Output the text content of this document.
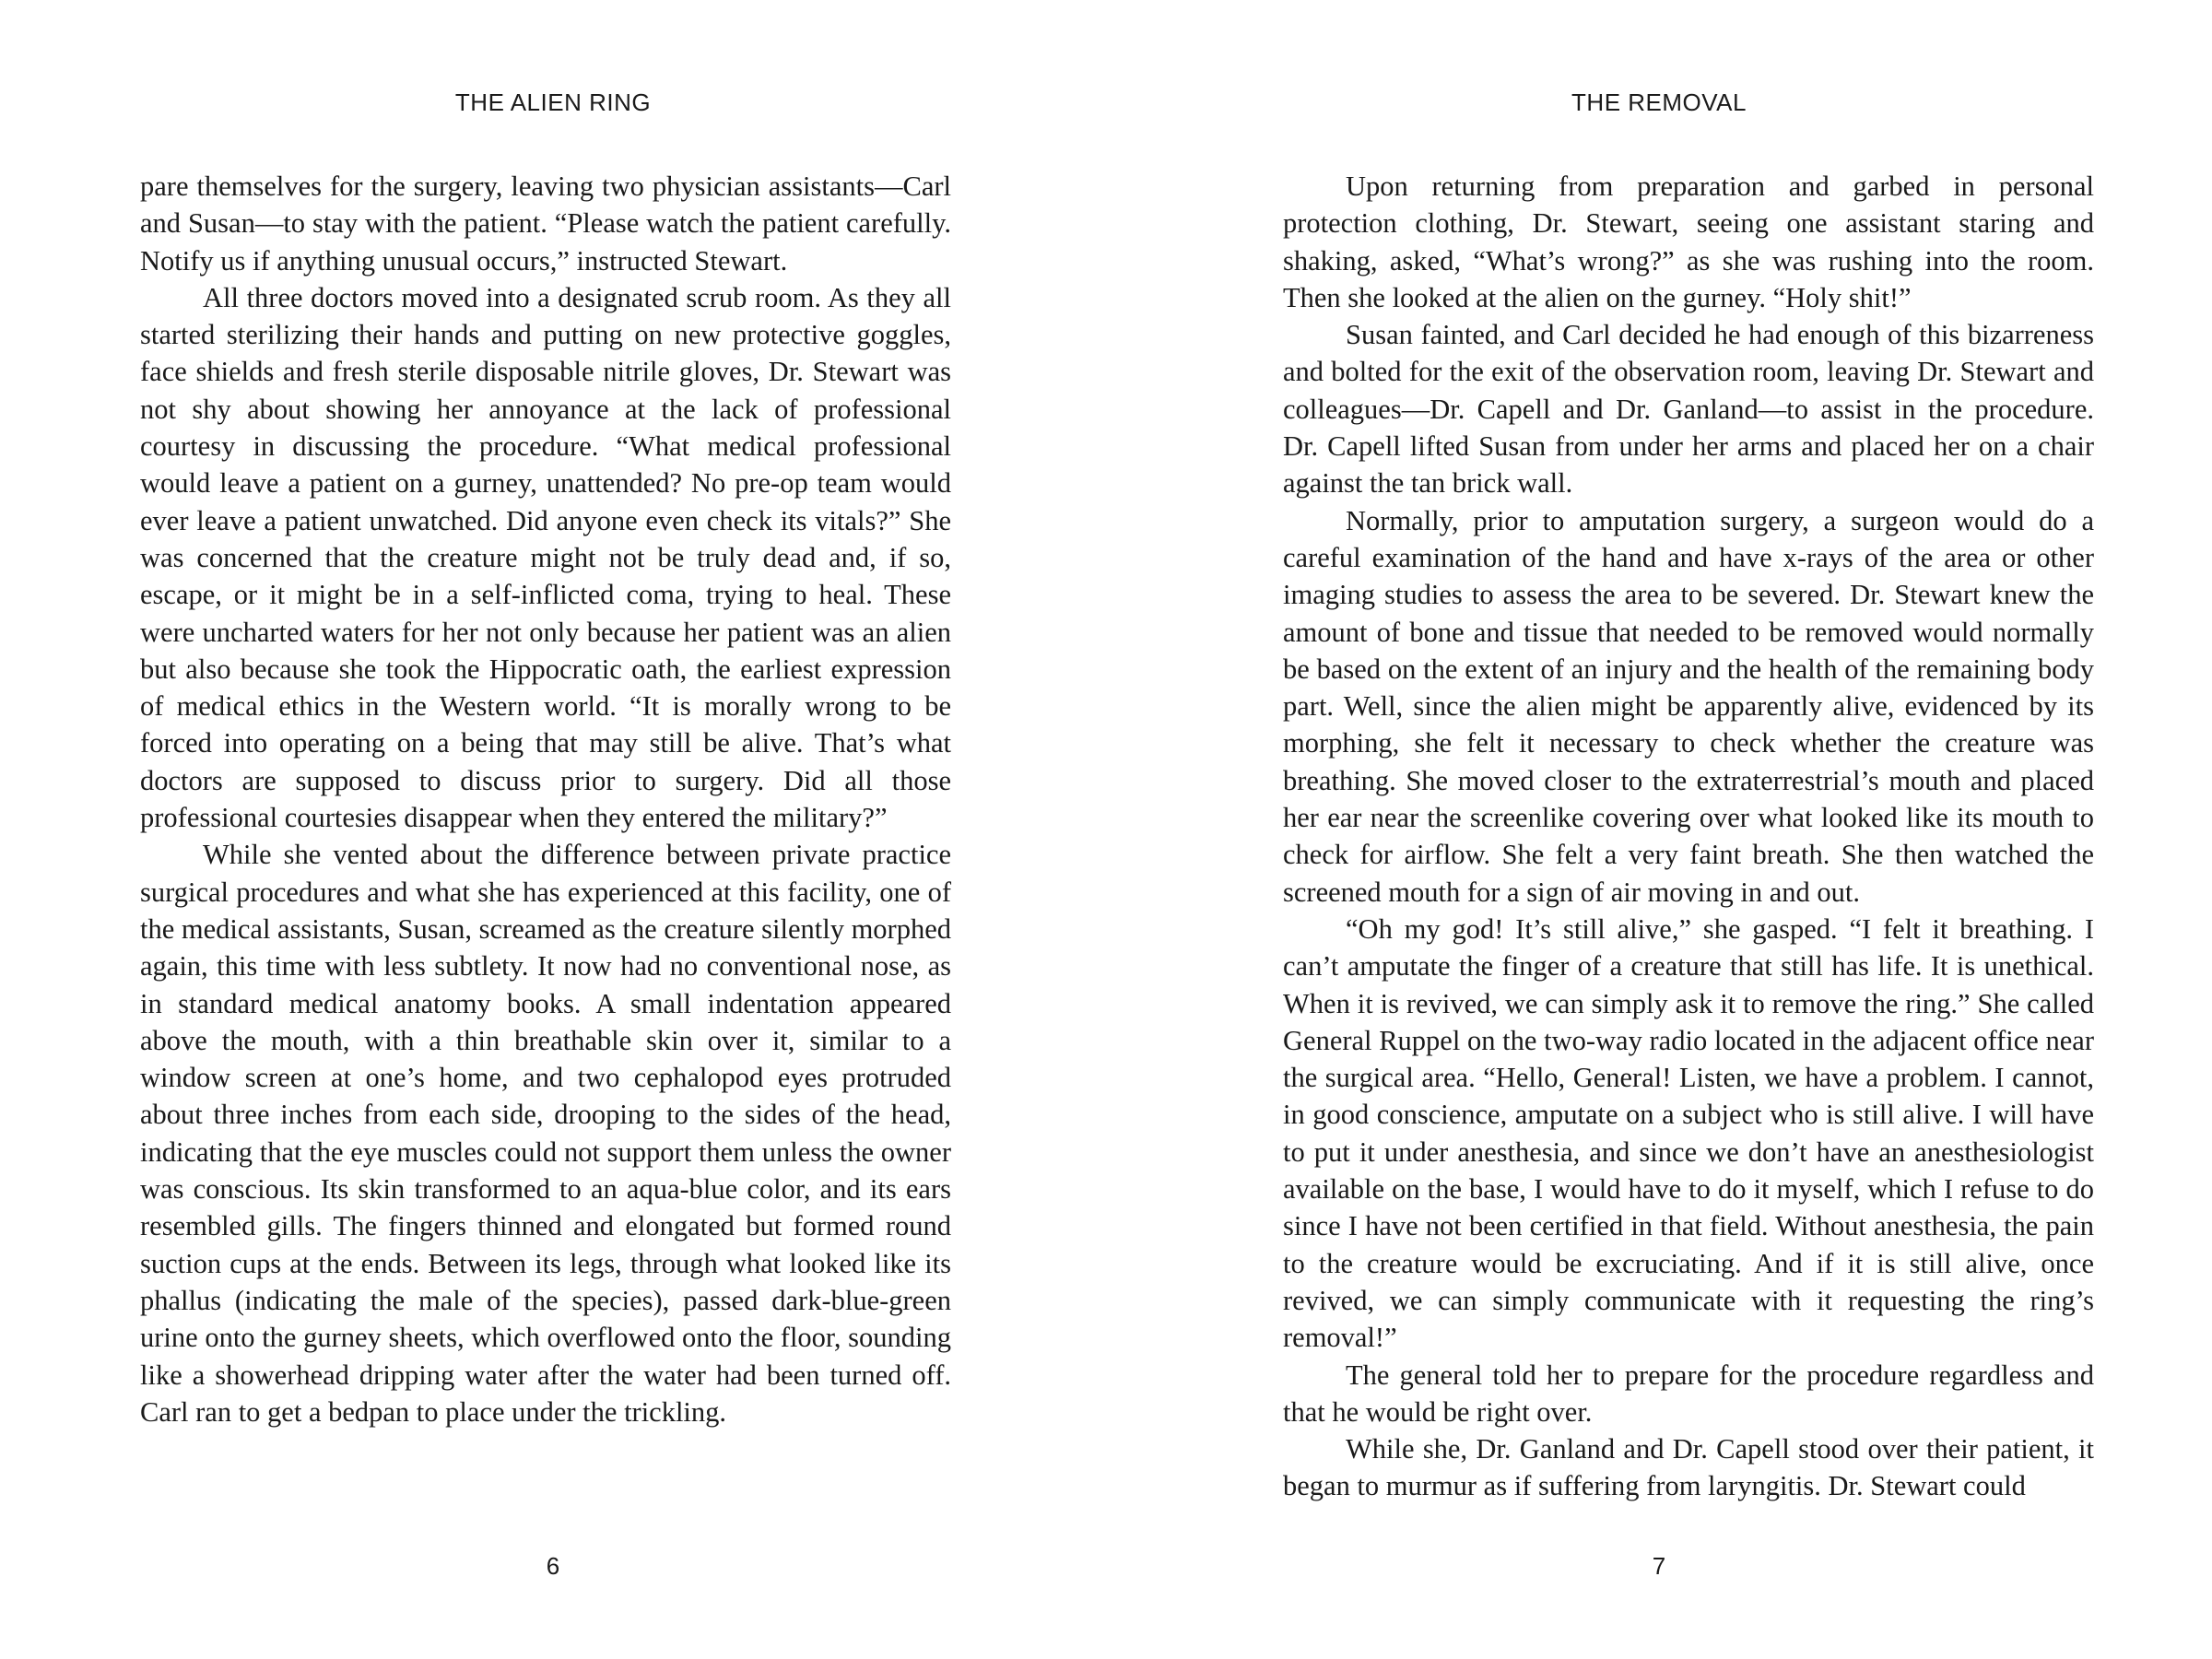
THE ALIEN RING

pare themselves for the surgery, leaving two physician assistants—Carl and Susan—to stay with the patient. “Please watch the patient carefully. Notify us if anything unusual occurs,” instructed Stewart.

All three doctors moved into a designated scrub room. As they all started sterilizing their hands and putting on new protective goggles, face shields and fresh sterile disposable nitrile gloves, Dr. Stewart was not shy about showing her annoyance at the lack of professional courtesy in discussing the procedure. “What medical professional would leave a patient on a gurney, unattended? No pre-op team would ever leave a patient unwatched. Did anyone even check its vitals?” She was concerned that the creature might not be truly dead and, if so, escape, or it might be in a self-inflicted coma, trying to heal. These were uncharted waters for her not only because her patient was an alien but also because she took the Hippocratic oath, the earliest expression of medical ethics in the Western world. “It is morally wrong to be forced into operating on a being that may still be alive. That’s what doctors are supposed to discuss prior to surgery. Did all those professional courtesies disappear when they entered the military?”

While she vented about the difference between private practice surgical procedures and what she has experienced at this facility, one of the medical assistants, Susan, screamed as the creature silently morphed again, this time with less subtlety. It now had no conventional nose, as in standard medical anatomy books. A small indentation appeared above the mouth, with a thin breathable skin over it, similar to a window screen at one’s home, and two cephalopod eyes protruded about three inches from each side, drooping to the sides of the head, indicating that the eye muscles could not support them unless the owner was conscious. Its skin transformed to an aqua-blue color, and its ears resembled gills. The fingers thinned and elongated but formed round suction cups at the ends. Between its legs, through what looked like its phallus (indicating the male of the species), passed dark-blue-green urine onto the gurney sheets, which overflowed onto the floor, sounding like a showerhead dripping water after the water had been turned off. Carl ran to get a bedpan to place under the trickling.

6
THE REMOVAL

Upon returning from preparation and garbed in personal protection clothing, Dr. Stewart, seeing one assistant staring and shaking, asked, “What’s wrong?” as she was rushing into the room. Then she looked at the alien on the gurney. “Holy shit!”

Susan fainted, and Carl decided he had enough of this bizarreness and bolted for the exit of the observation room, leaving Dr. Stewart and colleagues—Dr. Capell and Dr. Ganland—to assist in the procedure. Dr. Capell lifted Susan from under her arms and placed her on a chair against the tan brick wall.

Normally, prior to amputation surgery, a surgeon would do a careful examination of the hand and have x-rays of the area or other imaging studies to assess the area to be severed. Dr. Stewart knew the amount of bone and tissue that needed to be removed would normally be based on the extent of an injury and the health of the remaining body part. Well, since the alien might be apparently alive, evidenced by its morphing, she felt it necessary to check whether the creature was breathing. She moved closer to the extraterrestrial’s mouth and placed her ear near the screenlike covering over what looked like its mouth to check for airflow. She felt a very faint breath. She then watched the screened mouth for a sign of air moving in and out.

“Oh my god! It’s still alive,” she gasped. “I felt it breathing. I can’t amputate the finger of a creature that still has life. It is unethical. When it is revived, we can simply ask it to remove the ring.” She called General Ruppel on the two-way radio located in the adjacent office near the surgical area. “Hello, General! Listen, we have a problem. I cannot, in good conscience, amputate on a subject who is still alive. I will have to put it under anesthesia, and since we don’t have an anesthesiologist available on the base, I would have to do it myself, which I refuse to do since I have not been certified in that field. Without anesthesia, the pain to the creature would be excruciating. And if it is still alive, once revived, we can simply communicate with it requesting the ring’s removal!”

The general told her to prepare for the procedure regardless and that he would be right over.

While she, Dr. Ganland and Dr. Capell stood over their patient, it began to murmur as if suffering from laryngitis. Dr. Stewart could

7
